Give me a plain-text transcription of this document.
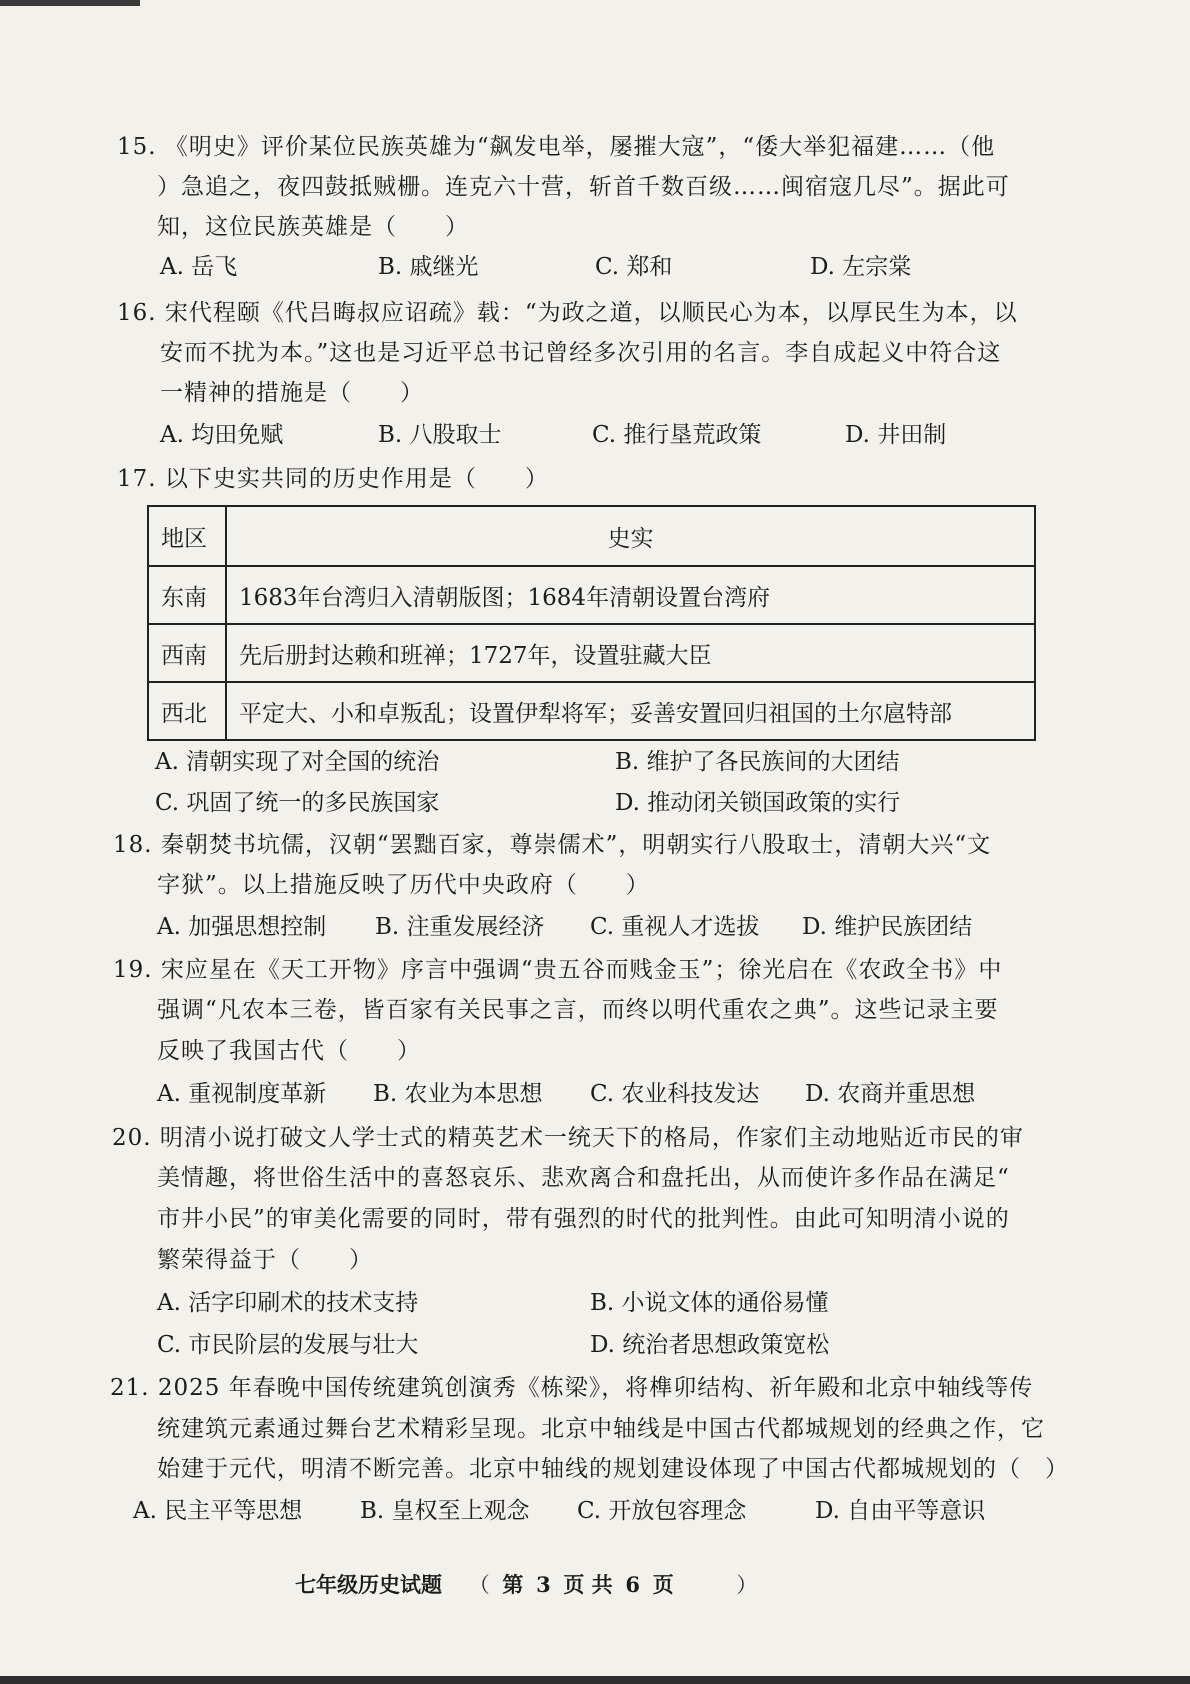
15. 《明史》评价某位民族英雄为“飙发电举，屡摧大寇”，“倭大举犯福建……（他
）急追之，夜四鼓抵贼栅。连克六十营，斩首千数百级……闽宿寇几尽”。据此可
知，这位民族英雄是（　　）
A. 岳飞	B. 戚继光	C. 郑和	D. 左宗棠
16. 宋代程颐《代吕晦叔应诏疏》载：“为政之道，以顺民心为本，以厚民生为本，以
安而不扰为本。”这也是习近平总书记曾经多次引用的名言。李自成起义中符合这
一精神的措施是（　　）
A. 均田免赋	B. 八股取士	C. 推行垦荒政策	D. 井田制
17. 以下史实共同的历史作用是（　　）
地区	史实
东南	1683年台湾归入清朝版图；1684年清朝设置台湾府
西南	先后册封达赖和班禅；1727年，设置驻藏大臣
西北	平定大、小和卓叛乱；设置伊犁将军；妥善安置回归祖国的土尔扈特部
A. 清朝实现了对全国的统治	B. 维护了各民族间的大团结
C. 巩固了统一的多民族国家	D. 推动闭关锁国政策的实行
18. 秦朝焚书坑儒，汉朝“罢黜百家，尊崇儒术”，明朝实行八股取士，清朝大兴“文
字狱”。以上措施反映了历代中央政府（　　）
A. 加强思想控制 B. 注重发展经济 C. 重视人才选拔 D. 维护民族团结
19. 宋应星在《天工开物》序言中强调“贵五谷而贱金玉”；徐光启在《农政全书》中
强调“凡农本三卷，皆百家有关民事之言，而终以明代重农之典”。这些记录主要
反映了我国古代（　　）
A. 重视制度革新 B. 农业为本思想 C. 农业科技发达 D. 农商并重思想
20. 明清小说打破文人学士式的精英艺术一统天下的格局，作家们主动地贴近市民的审
美情趣，将世俗生活中的喜怒哀乐、悲欢离合和盘托出，从而使许多作品在满足“
市井小民”的审美化需要的同时，带有强烈的时代的批判性。由此可知明清小说的
繁荣得益于（　　）
A. 活字印刷术的技术支持	B. 小说文体的通俗易懂
C. 市民阶层的发展与壮大	D. 统治者思想政策宽松
21. 2025 年春晚中国传统建筑创演秀《栋梁》，将榫卯结构、祈年殿和北京中轴线等传
统建筑元素通过舞台艺术精彩呈现。北京中轴线是中国古代都城规划的经典之作，它
始建于元代，明清不断完善。北京中轴线的规划建设体现了中国古代都城规划的（　）
A. 民主平等思想	B. 皇权至上观念 C. 开放包容理念	D. 自由平等意识
七年级历史试题 （ 第 3 页 共 6 页	）
